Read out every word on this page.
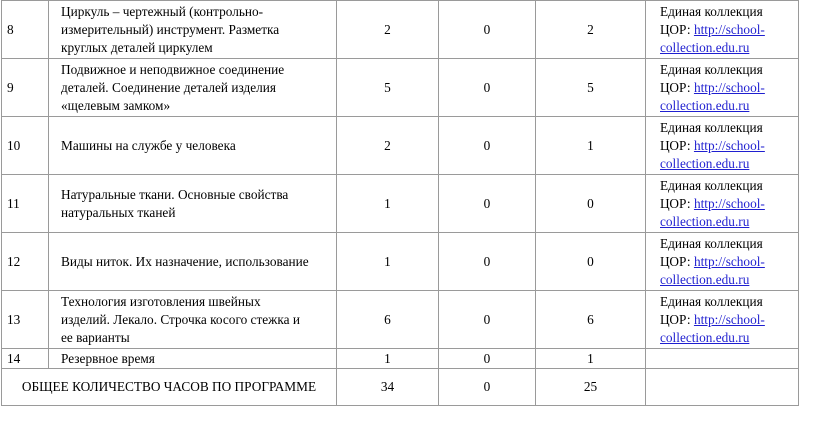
8	Циркуль – чертежный (контрольно-
измерительный) инструмент. Разметка
круглых деталей циркулем	2	0	2	Единая коллекция
ЦОР: http://school-
collection.edu.ru

9	Подвижное и неподвижное соединение
деталей. Соединение деталей изделия
«щелевым замком»	5	0	5	Единая коллекция
ЦОР: http://school-
collection.edu.ru

10	Машины на службе у человека	2	0	1	Единая коллекция
ЦОР: http://school-
collection.edu.ru

11	Натуральные ткани. Основные свойства
натуральных тканей	1	0	0	Единая коллекция
ЦОР: http://school-
collection.edu.ru

12	Виды ниток. Их назначение, использование	1	0	0	Единая коллекция
ЦОР: http://school-
collection.edu.ru

13	Технология изготовления швейных
изделий. Лекало. Строчка косого стежка и
ее варианты	6	0	6	Единая коллекция
ЦОР: http://school-
collection.edu.ru

14	Резервное время	1	0	1	
ОБЩЕЕ КОЛИЧЕСТВО ЧАСОВ ПО ПРОГРАММЕ		34	0	25	
